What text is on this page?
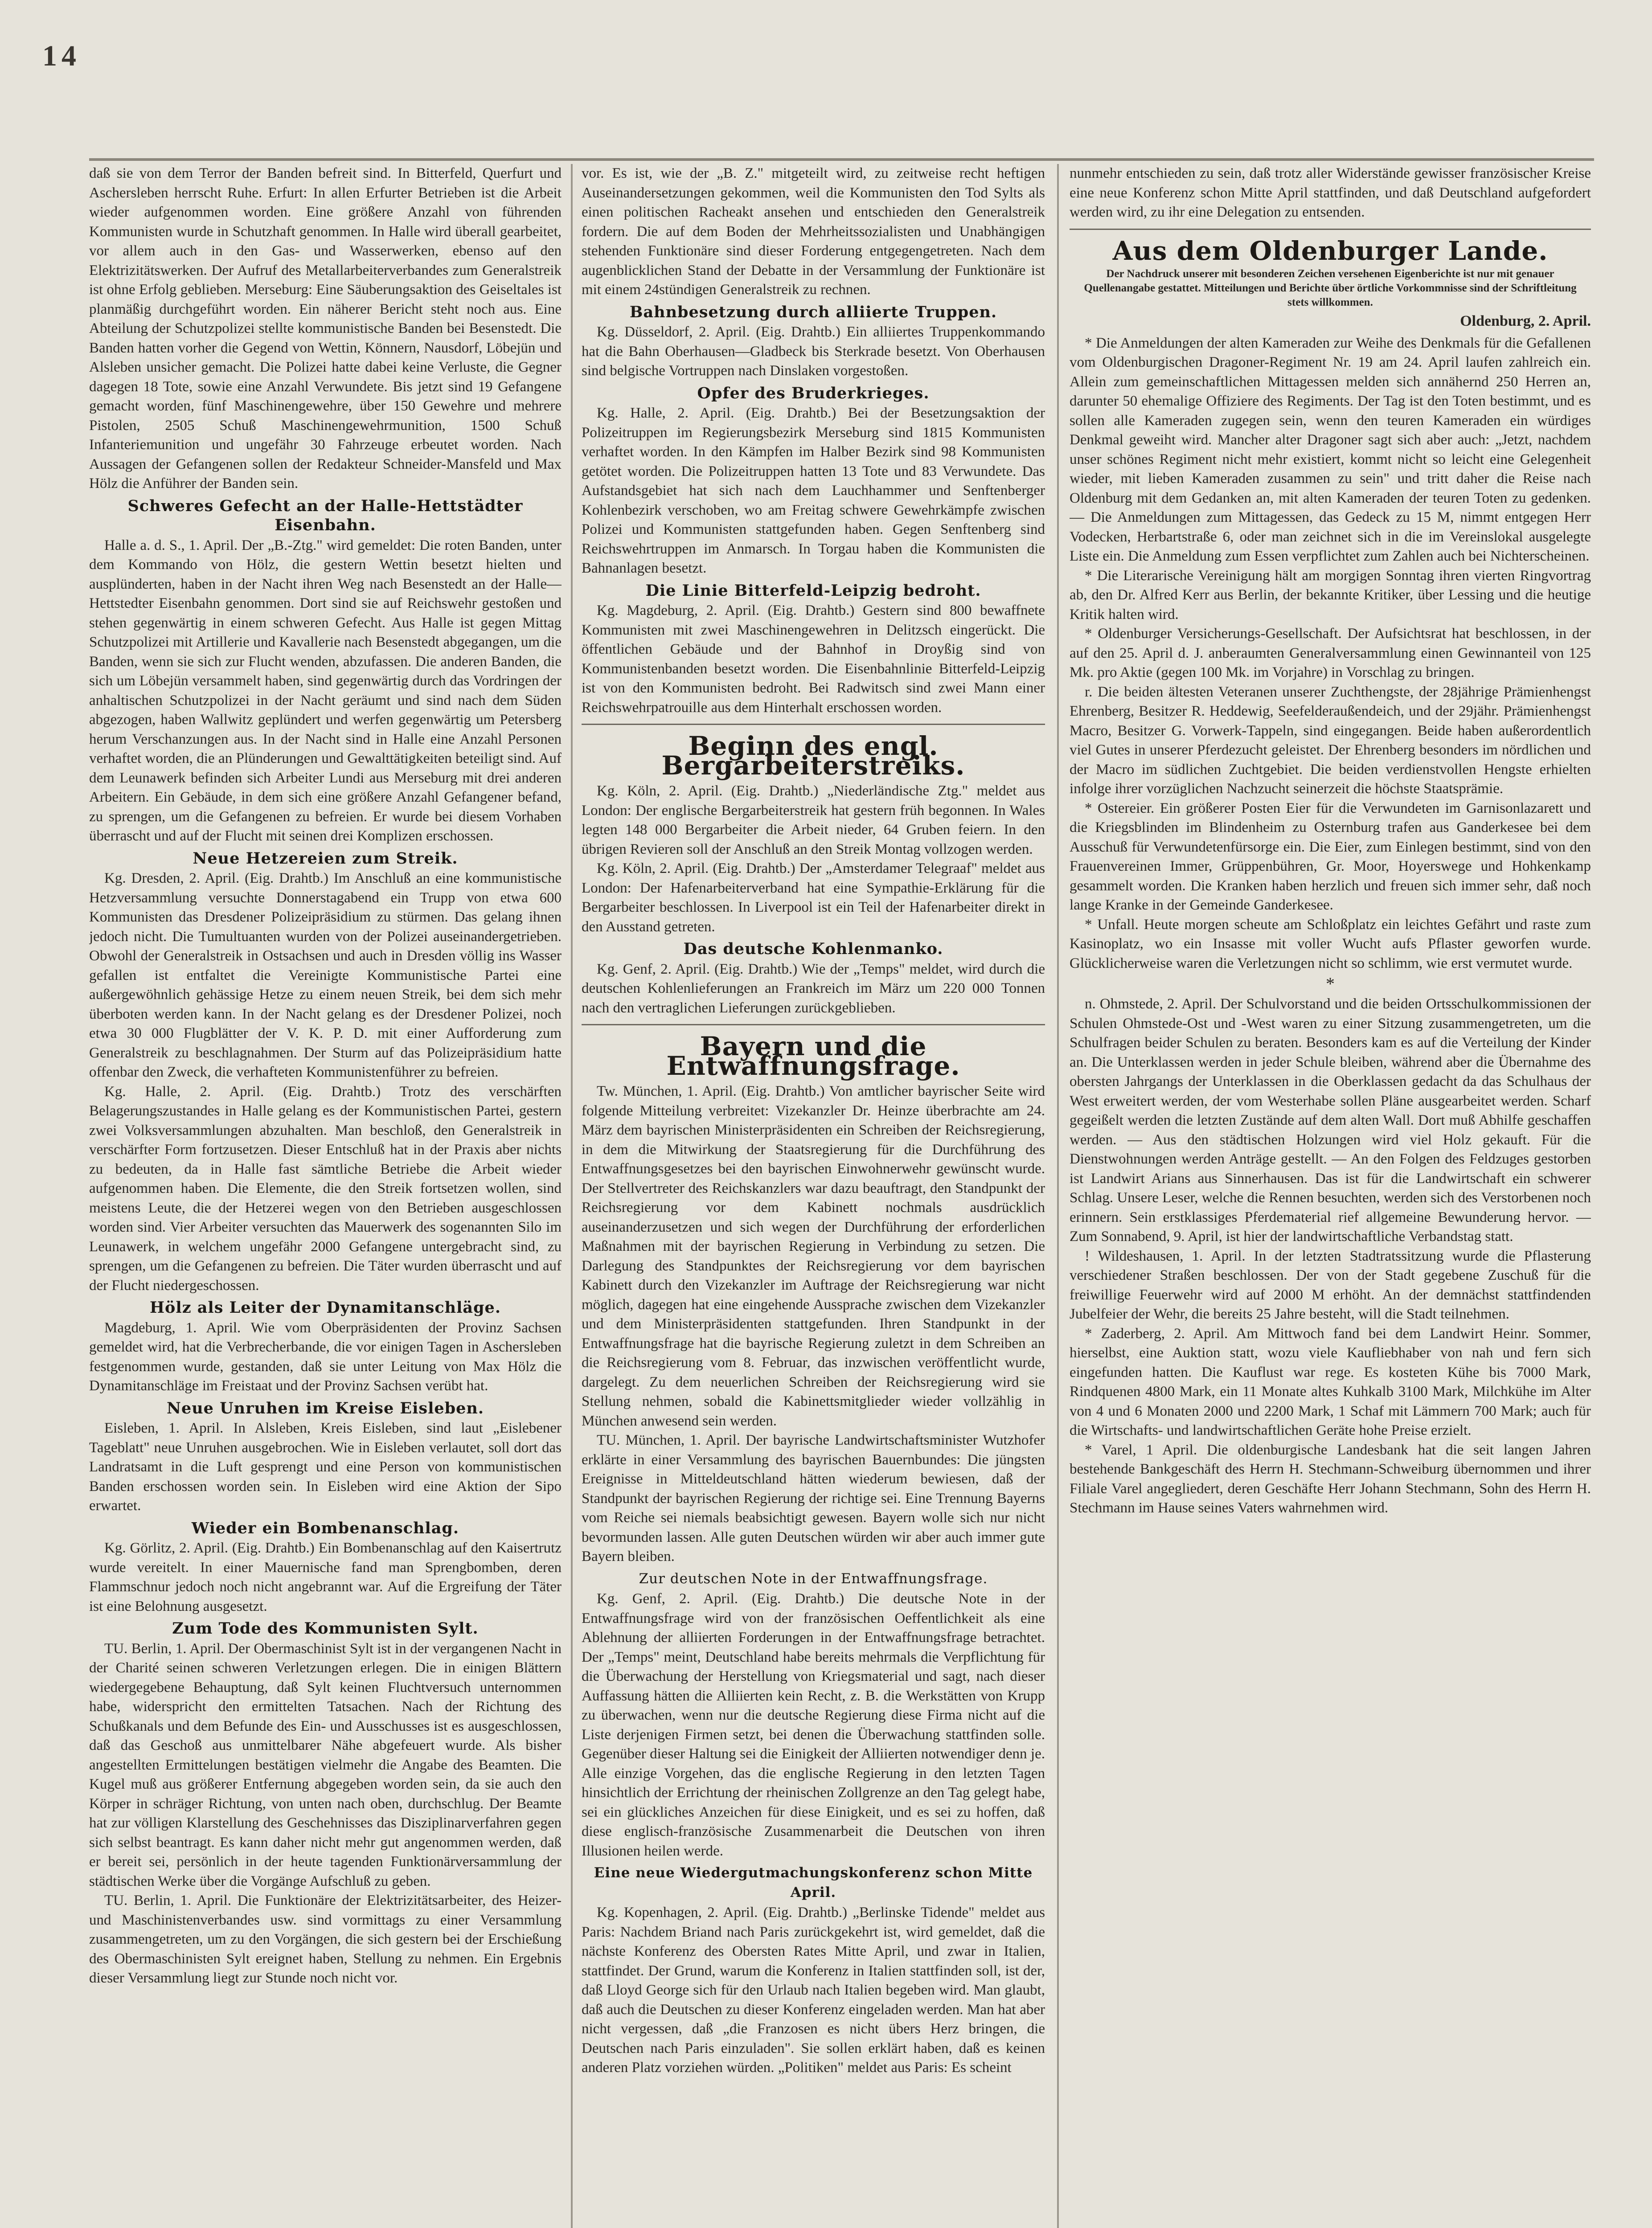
14

daß sie von dem Terror der Banden befreit sind. In Bitterfeld, Querfurt und Aschersleben herrscht Ruhe. Erfurt: In allen Erfurter Betrieben ist die Arbeit wieder aufgenommen worden. Eine größere Anzahl von führenden Kommunisten wurde in Schutzhaft genommen. In Halle wird überall gearbeitet, vor allem auch in den Gas- und Wasserwerken, ebenso auf den Elektrizitätswerken. Der Aufruf des Metallarbeiterverbandes zum Generalstreik ist ohne Erfolg geblieben. Merseburg: Eine Säuberungsaktion des Geiseltales ist planmäßig durchgeführt worden. Ein näherer Bericht steht noch aus. Eine Abteilung der Schutzpolizei stellte kommunistische Banden bei Besenstedt. Die Banden hatten vorher die Gegend von Wettin, Könnern, Nausdorf, Löbejün und Alsleben unsicher gemacht. Die Polizei hatte dabei keine Verluste, die Gegner dagegen 18 Tote, sowie eine Anzahl Verwundete. Bis jetzt sind 19 Gefangene gemacht worden, fünf Maschinengewehre, über 150 Gewehre und mehrere Pistolen, 2505 Schuß Maschinengewehrmunition, 1500 Schuß Infanteriemunition und ungefähr 30 Fahrzeuge erbeutet worden. Nach Aussagen der Gefangenen sollen der Redakteur Schneider-Mansfeld und Max Hölz die Anführer der Banden sein.

Schweres Gefecht an der Halle-Hettstädter Eisenbahn.

Halle a. d. S., 1. April. Der „B.-Ztg." wird gemeldet: Die roten Banden, unter dem Kommando von Hölz, die gestern Wettin besetzt hielten und ausplünderten, haben in der Nacht ihren Weg nach Besenstedt an der Halle—Hettstedter Eisenbahn genommen. Dort sind sie auf Reichswehr gestoßen und stehen gegenwärtig in einem schweren Gefecht. Aus Halle ist gegen Mittag Schutzpolizei mit Artillerie und Kavallerie nach Besenstedt abgegangen, um die Banden, wenn sie sich zur Flucht wenden, abzufassen. Die anderen Banden, die sich um Löbejün versammelt haben, sind gegenwärtig durch das Vordringen der anhaltischen Schutzpolizei in der Nacht geräumt und sind nach dem Süden abgezogen, haben Wallwitz geplündert und werfen gegenwärtig um Petersberg herum Verschanzungen aus. In der Nacht sind in Halle eine Anzahl Personen verhaftet worden, die an Plünderungen und Gewalttätigkeiten beteiligt sind. Auf dem Leunawerk befinden sich Arbeiter Lundi aus Merseburg mit drei anderen Arbeitern. Ein Gebäude, in dem sich eine größere Anzahl Gefangener befand, zu sprengen, um die Gefangenen zu befreien. Er wurde bei diesem Vorhaben überrascht und auf der Flucht mit seinen drei Komplizen erschossen.

Neue Hetzereien zum Streik.

Kg. Dresden, 2. April. (Eig. Drahtb.) Im Anschluß an eine kommunistische Hetzversammlung versuchte Donnerstagabend ein Trupp von etwa 600 Kommunisten das Dresdener Polizeipräsidium zu stürmen. Das gelang ihnen jedoch nicht. Die Tumultuanten wurden von der Polizei auseinandergetrieben. Obwohl der Generalstreik in Ostsachsen und auch in Dresden völlig ins Wasser gefallen ist entfaltet die Vereinigte Kommunistische Partei eine außergewöhnlich gehässige Hetze zu einem neuen Streik, bei dem sich mehr überboten werden kann. In der Nacht gelang es der Dresdener Polizei, noch etwa 30 000 Flugblätter der V. K. P. D. mit einer Aufforderung zum Generalstreik zu beschlagnahmen. Der Sturm auf das Polizeipräsidium hatte offenbar den Zweck, die verhafteten Kommunistenführer zu befreien.

Kg. Halle, 2. April. (Eig. Drahtb.) Trotz des verschärften Belagerungszustandes in Halle gelang es der Kommunistischen Partei, gestern zwei Volksversammlungen abzuhalten. Man beschloß, den Generalstreik in verschärfter Form fortzusetzen. Dieser Entschluß hat in der Praxis aber nichts zu bedeuten, da in Halle fast sämtliche Betriebe die Arbeit wieder aufgenommen haben. Die Elemente, die den Streik fortsetzen wollen, sind meistens Leute, die der Hetzerei wegen von den Betrieben ausgeschlossen worden sind. Vier Arbeiter versuchten das Mauerwerk des sogenannten Silo im Leunawerk, in welchem ungefähr 2000 Gefangene untergebracht sind, zu sprengen, um die Gefangenen zu befreien. Die Täter wurden überrascht und auf der Flucht niedergeschossen.

Hölz als Leiter der Dynamitanschläge.

Magdeburg, 1. April. Wie vom Oberpräsidenten der Provinz Sachsen gemeldet wird, hat die Verbrecherbande, die vor einigen Tagen in Aschersleben festgenommen wurde, gestanden, daß sie unter Leitung von Max Hölz die Dynamitanschläge im Freistaat und der Provinz Sachsen verübt hat.

Neue Unruhen im Kreise Eisleben.

Eisleben, 1. April. In Alsleben, Kreis Eisleben, sind laut „Eislebener Tageblatt" neue Unruhen ausgebrochen. Wie in Eisleben verlautet, soll dort das Landratsamt in die Luft gesprengt und eine Person von kommunistischen Banden erschossen worden sein. In Eisleben wird eine Aktion der Sipo erwartet.

Wieder ein Bombenanschlag.

Kg. Görlitz, 2. April. (Eig. Drahtb.) Ein Bombenanschlag auf den Kaisertrutz wurde vereitelt. In einer Mauernische fand man Sprengbomben, deren Flammschnur jedoch noch nicht angebrannt war. Auf die Ergreifung der Täter ist eine Belohnung ausgesetzt.

Zum Tode des Kommunisten Sylt.

TU. Berlin, 1. April. Der Obermaschinist Sylt ist in der vergangenen Nacht in der Charité seinen schweren Verletzungen erlegen. Die in einigen Blättern wiedergegebene Behauptung, daß Sylt keinen Fluchtversuch unternommen habe, widerspricht den ermittelten Tatsachen. Nach der Richtung des Schußkanals und dem Befunde des Ein- und Ausschusses ist es ausgeschlossen, daß das Geschoß aus unmittelbarer Nähe abgefeuert wurde. Als bisher angestellten Ermittelungen bestätigen vielmehr die Angabe des Beamten. Die Kugel muß aus größerer Entfernung abgegeben worden sein, da sie auch den Körper in schräger Richtung, von unten nach oben, durchschlug. Der Beamte hat zur völligen Klarstellung des Geschehnisses das Disziplinarverfahren gegen sich selbst beantragt. Es kann daher nicht mehr gut angenommen werden, daß er bereit sei, persönlich in der heute tagenden Funktionärversammlung der städtischen Werke über die Vorgänge Aufschluß zu geben.

TU. Berlin, 1. April. Die Funktionäre der Elektrizitätsarbeiter, des Heizer- und Maschinistenverbandes usw. sind vormittags zu einer Versammlung zusammengetreten, um zu den Vorgängen, die sich gestern bei der Erschießung des Obermaschinisten Sylt ereignet haben, Stellung zu nehmen. Ein Ergebnis dieser Versammlung liegt zur Stunde noch nicht vor.

vor. Es ist, wie der „B. Z." mitgeteilt wird, zu zeitweise recht heftigen Auseinandersetzungen gekommen, weil die Kommunisten den Tod Sylts als einen politischen Racheakt ansehen und entschieden den Generalstreik fordern. Die auf dem Boden der Mehrheitssozialisten und Unabhängigen stehenden Funktionäre sind dieser Forderung entgegengetreten. Nach dem augenblicklichen Stand der Debatte in der Versammlung der Funktionäre ist mit einem 24stündigen Generalstreik zu rechnen.

Bahnbesetzung durch alliierte Truppen.

Kg. Düsseldorf, 2. April. (Eig. Drahtb.) Ein alliiertes Truppenkommando hat die Bahn Oberhausen—Gladbeck bis Sterkrade besetzt. Von Oberhausen sind belgische Vortruppen nach Dinslaken vorgestoßen.

Opfer des Bruderkrieges.

Kg. Halle, 2. April. (Eig. Drahtb.) Bei der Besetzungsaktion der Polizeitruppen im Regierungsbezirk Merseburg sind 1815 Kommunisten verhaftet worden. In den Kämpfen im Halber Bezirk sind 98 Kommunisten getötet worden. Die Polizeitruppen hatten 13 Tote und 83 Verwundete. Das Aufstandsgebiet hat sich nach dem Lauchhammer und Senftenberger Kohlenbezirk verschoben, wo am Freitag schwere Gewehrkämpfe zwischen Polizei und Kommunisten stattgefunden haben. Gegen Senftenberg sind Reichswehrtruppen im Anmarsch. In Torgau haben die Kommunisten die Bahnanlagen besetzt.

Die Linie Bitterfeld-Leipzig bedroht.

Kg. Magdeburg, 2. April. (Eig. Drahtb.) Gestern sind 800 bewaffnete Kommunisten mit zwei Maschinengewehren in Delitzsch eingerückt. Die öffentlichen Gebäude und der Bahnhof in Droyßig sind von Kommunistenbanden besetzt worden. Die Eisenbahnlinie Bitterfeld-Leipzig ist von den Kommunisten bedroht. Bei Radwitsch sind zwei Mann einer Reichswehrpatrouille aus dem Hinterhalt erschossen worden.

Beginn des engl. Bergarbeiterstreiks.

Kg. Köln, 2. April. (Eig. Drahtb.) „Niederländische Ztg." meldet aus London: Der englische Bergarbeiterstreik hat gestern früh begonnen. In Wales legten 148 000 Bergarbeiter die Arbeit nieder, 64 Gruben feiern. In den übrigen Revieren soll der Anschluß an den Streik Montag vollzogen werden.

Kg. Köln, 2. April. (Eig. Drahtb.) Der „Amsterdamer Telegraaf" meldet aus London: Der Hafenarbeiterverband hat eine Sympathie-Erklärung für die Bergarbeiter beschlossen. In Liverpool ist ein Teil der Hafenarbeiter direkt in den Ausstand getreten.

Das deutsche Kohlenmanko.

Kg. Genf, 2. April. (Eig. Drahtb.) Wie der „Temps" meldet, wird durch die deutschen Kohlenlieferungen an Frankreich im März um 220 000 Tonnen nach den vertraglichen Lieferungen zurückgeblieben.

Bayern und die Entwaffnungsfrage.

Tw. München, 1. April. (Eig. Drahtb.) Von amtlicher bayrischer Seite wird folgende Mitteilung verbreitet: Vizekanzler Dr. Heinze überbrachte am 24. März dem bayrischen Ministerpräsidenten ein Schreiben der Reichsregierung, in dem die Mitwirkung der Staatsregierung für die Durchführung des Entwaffnungsgesetzes bei den bayrischen Einwohnerwehr gewünscht wurde. Der Stellvertreter des Reichskanzlers war dazu beauftragt, den Standpunkt der Reichsregierung vor dem Kabinett nochmals ausdrücklich auseinanderzusetzen und sich wegen der Durchführung der erforderlichen Maßnahmen mit der bayrischen Regierung in Verbindung zu setzen. Die Darlegung des Standpunktes der Reichsregierung vor dem bayrischen Kabinett durch den Vizekanzler im Auftrage der Reichsregierung war nicht möglich, dagegen hat eine eingehende Aussprache zwischen dem Vizekanzler und dem Ministerpräsidenten stattgefunden. Ihren Standpunkt in der Entwaffnungsfrage hat die bayrische Regierung zuletzt in dem Schreiben an die Reichsregierung vom 8. Februar, das inzwischen veröffentlicht wurde, dargelegt. Zu dem neuerlichen Schreiben der Reichsregierung wird sie Stellung nehmen, sobald die Kabinettsmitglieder wieder vollzählig in München anwesend sein werden.

TU. München, 1. April. Der bayrische Landwirtschaftsminister Wutzhofer erklärte in einer Versammlung des bayrischen Bauernbundes: Die jüngsten Ereignisse in Mitteldeutschland hätten wiederum bewiesen, daß der Standpunkt der bayrischen Regierung der richtige sei. Eine Trennung Bayerns vom Reiche sei niemals beabsichtigt gewesen. Bayern wolle sich nur nicht bevormunden lassen. Alle guten Deutschen würden wir aber auch immer gute Bayern bleiben.

Zur deutschen Note in der Entwaffnungsfrage.

Kg. Genf, 2. April. (Eig. Drahtb.) Die deutsche Note in der Entwaffnungsfrage wird von der französischen Oeffentlichkeit als eine Ablehnung der alliierten Forderungen in der Entwaffnungsfrage betrachtet. Der „Temps" meint, Deutschland habe bereits mehrmals die Verpflichtung für die Überwachung der Herstellung von Kriegsmaterial und sagt, nach dieser Auffassung hätten die Alliierten kein Recht, z. B. die Werkstätten von Krupp zu überwachen, wenn nur die deutsche Regierung diese Firma nicht auf die Liste derjenigen Firmen setzt, bei denen die Überwachung stattfinden solle. Gegenüber dieser Haltung sei die Einigkeit der Alliierten notwendiger denn je. Alle einzige Vorgehen, das die englische Regierung in den letzten Tagen hinsichtlich der Errichtung der rheinischen Zollgrenze an den Tag gelegt habe, sei ein glückliches Anzeichen für diese Einigkeit, und es sei zu hoffen, daß diese englisch-französische Zusammenarbeit die Deutschen von ihren Illusionen heilen werde.

Eine neue Wiedergutmachungskonferenz schon Mitte April.

Kg. Kopenhagen, 2. April. (Eig. Drahtb.) „Berlinske Tidende" meldet aus Paris: Nachdem Briand nach Paris zurückgekehrt ist, wird gemeldet, daß die nächste Konferenz des Obersten Rates Mitte April, und zwar in Italien, stattfindet. Der Grund, warum die Konferenz in Italien stattfinden soll, ist der, daß Lloyd George sich für den Urlaub nach Italien begeben wird. Man glaubt, daß auch die Deutschen zu dieser Konferenz eingeladen werden. Man hat aber nicht vergessen, daß „die Franzosen es nicht übers Herz bringen, die Deutschen nach Paris einzuladen". Sie sollen erklärt haben, daß es keinen anderen Platz vorziehen würden. „Politiken" meldet aus Paris: Es scheint

nunmehr entschieden zu sein, daß trotz aller Widerstände gewisser französischer Kreise eine neue Konferenz schon Mitte April stattfinden, und daß Deutschland aufgefordert werden wird, zu ihr eine Delegation zu entsenden.

Aus dem Oldenburger Lande.
Der Nachdruck unserer mit besonderen Zeichen versehenen Eigenberichte ist nur mit genauer Quellenangabe gestattet. Mitteilungen und Berichte über örtliche Vorkommnisse sind der Schriftleitung stets willkommen.
Oldenburg, 2. April.

* Die Anmeldungen der alten Kameraden zur Weihe des Denkmals für die Gefallenen vom Oldenburgischen Dragoner-Regiment Nr. 19 am 24. April laufen zahlreich ein. Allein zum gemeinschaftlichen Mittagessen melden sich annähernd 250 Herren an, darunter 50 ehemalige Offiziere des Regiments. Der Tag ist den Toten bestimmt, und es sollen alle Kameraden zugegen sein, wenn den teuren Kameraden ein würdiges Denkmal geweiht wird. Mancher alter Dragoner sagt sich aber auch: „Jetzt, nachdem unser schönes Regiment nicht mehr existiert, kommt nicht so leicht eine Gelegenheit wieder, mit lieben Kameraden zusammen zu sein" und tritt daher die Reise nach Oldenburg mit dem Gedanken an, mit alten Kameraden der teuren Toten zu gedenken. — Die Anmeldungen zum Mittagessen, das Gedeck zu 15 M, nimmt entgegen Herr Vodecken, Herbartstraße 6, oder man zeichnet sich in die im Vereinslokal ausgelegte Liste ein. Die Anmeldung zum Essen verpflichtet zum Zahlen auch bei Nichterscheinen.

* Die Literarische Vereinigung hält am morgigen Sonntag ihren vierten Ringvortrag ab, den Dr. Alfred Kerr aus Berlin, der bekannte Kritiker, über Lessing und die heutige Kritik halten wird.

* Oldenburger Versicherungs-Gesellschaft. Der Aufsichtsrat hat beschlossen, in der auf den 25. April d. J. anberaumten Generalversammlung einen Gewinnanteil von 125 Mk. pro Aktie (gegen 100 Mk. im Vorjahre) in Vorschlag zu bringen.

r. Die beiden ältesten Veteranen unserer Zuchthengste, der 28jährige Prämienhengst Ehrenberg, Besitzer R. Heddewig, Seefelderaußendeich, und der 29jähr. Prämienhengst Macro, Besitzer G. Vorwerk-Tappeln, sind eingegangen. Beide haben außerordentlich viel Gutes in unserer Pferdezucht geleistet. Der Ehrenberg besonders im nördlichen und der Macro im südlichen Zuchtgebiet. Die beiden verdienstvollen Hengste erhielten infolge ihrer vorzüglichen Nachzucht seinerzeit die höchste Staatsprämie.

* Ostereier. Ein größerer Posten Eier für die Verwundeten im Garnisonlazarett und die Kriegsblinden im Blindenheim zu Osternburg trafen aus Ganderkesee bei dem Ausschuß für Verwundetenfürsorge ein. Die Eier, zum Einlegen bestimmt, sind von den Frauenvereinen Immer, Grüppenbühren, Gr. Moor, Hoyerswege und Hohkenkamp gesammelt worden. Die Kranken haben herzlich und freuen sich immer sehr, daß noch lange Kranke in der Gemeinde Ganderkesee.

* Unfall. Heute morgen scheute am Schloßplatz ein leichtes Gefährt und raste zum Kasinoplatz, wo ein Insasse mit voller Wucht aufs Pflaster geworfen wurde. Glücklicherweise waren die Verletzungen nicht so schlimm, wie erst vermutet wurde.

*

n. Ohmstede, 2. April. Der Schulvorstand und die beiden Ortsschulkommissionen der Schulen Ohmstede-Ost und -West waren zu einer Sitzung zusammengetreten, um die Schulfragen beider Schulen zu beraten. Besonders kam es auf die Verteilung der Kinder an. Die Unterklassen werden in jeder Schule bleiben, während aber die Übernahme des obersten Jahrgangs der Unterklassen in die Oberklassen gedacht da das Schulhaus der West erweitert werden, der vom Westerhabe sollen Pläne ausgearbeitet werden. Scharf gegeißelt werden die letzten Zustände auf dem alten Wall. Dort muß Abhilfe geschaffen werden. — Aus den städtischen Holzungen wird viel Holz gekauft. Für die Dienstwohnungen werden Anträge gestellt. — An den Folgen des Feldzuges gestorben ist Landwirt Arians aus Sinnerhausen. Das ist für die Landwirtschaft ein schwerer Schlag. Unsere Leser, welche die Rennen besuchten, werden sich des Verstorbenen noch erinnern. Sein erstklassiges Pferdematerial rief allgemeine Bewunderung hervor. — Zum Sonnabend, 9. April, ist hier der landwirtschaftliche Verbandstag statt.

! Wildeshausen, 1. April. In der letzten Stadtratssitzung wurde die Pflasterung verschiedener Straßen beschlossen. Der von der Stadt gegebene Zuschuß für die freiwillige Feuerwehr wird auf 2000 M erhöht. An der demnächst stattfindenden Jubelfeier der Wehr, die bereits 25 Jahre besteht, will die Stadt teilnehmen.

* Zaderberg, 2. April. Am Mittwoch fand bei dem Landwirt Heinr. Sommer, hierselbst, eine Auktion statt, wozu viele Kaufliebhaber von nah und fern sich eingefunden hatten. Die Kauflust war rege. Es kosteten Kühe bis 7000 Mark, Rindquenen 4800 Mark, ein 11 Monate altes Kuhkalb 3100 Mark, Milchkühe im Alter von 4 und 6 Monaten 2000 und 2200 Mark, 1 Schaf mit Lämmern 700 Mark; auch für die Wirtschafts- und landwirtschaftlichen Geräte hohe Preise erzielt.

* Varel, 1 April. Die oldenburgische Landesbank hat die seit langen Jahren bestehende Bankgeschäft des Herrn H. Stechmann-Schweiburg übernommen und ihrer Filiale Varel angegliedert, deren Geschäfte Herr Johann Stechmann, Sohn des Herrn H. Stechmann im Hause seines Vaters wahrnehmen wird.
